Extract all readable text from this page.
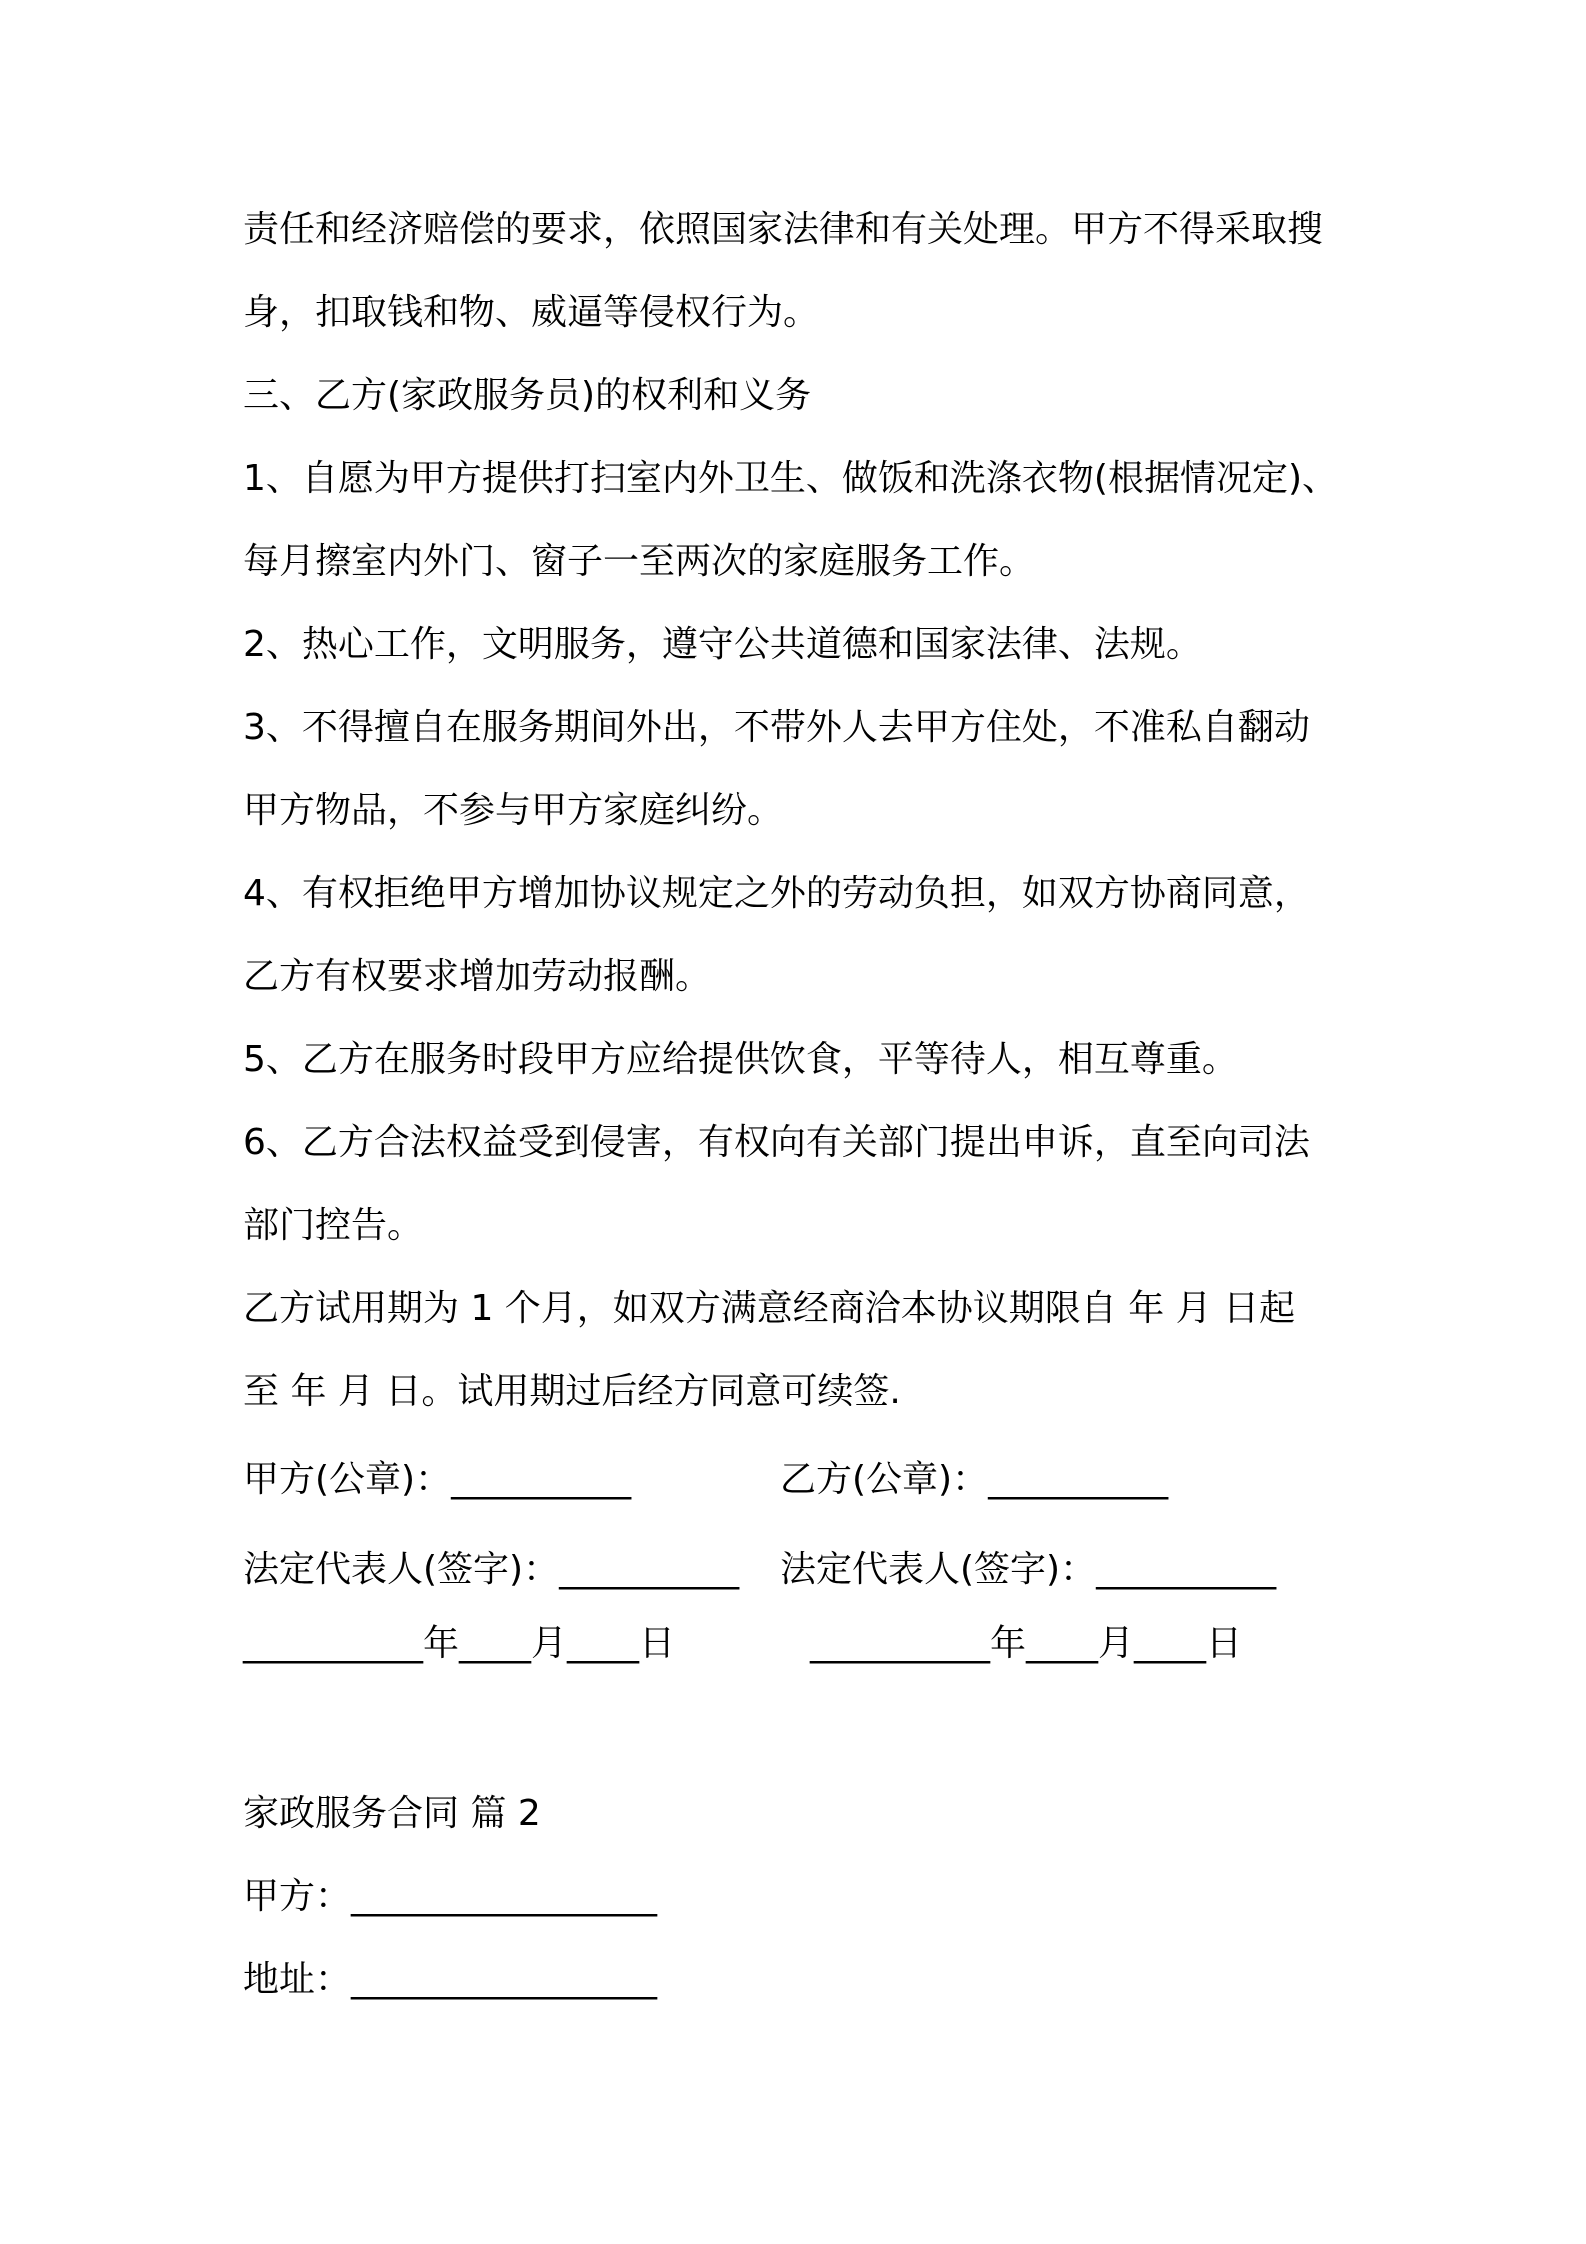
责任和经济赔偿的要求，依照国家法律和有关处理。甲方不得采取搜
身，扣取钱和物、威逼等侵权行为。
三、乙方(家政服务员)的权利和义务
1、自愿为甲方提供打扫室内外卫生、做饭和洗涤衣物(根据情况定)、
每月擦室内外门、窗子一至两次的家庭服务工作。
2、热心工作，文明服务，遵守公共道德和国家法律、法规。
3、不得擅自在服务期间外出，不带外人去甲方住处，不准私自翻动
甲方物品，不参与甲方家庭纠纷。
4、有权拒绝甲方增加协议规定之外的劳动负担，如双方协商同意，
乙方有权要求增加劳动报酬。
5、乙方在服务时段甲方应给提供饮食，平等待人，相互尊重。
6、乙方合法权益受到侵害，有权向有关部门提出申诉，直至向司法
部门控告。
乙方试用期为 1 个月，如双方满意经商洽本协议期限自 年 月 日起
至 年 月 日。试用期过后经方同意可续签.
甲方(公章)：__________	乙方(公章)：__________
法定代表人(签字)：__________ 法定代表人(签字)：__________
__________年____月____日	__________年____月____日
家政服务合同 篇 2
甲方：_________________
地址：_________________
